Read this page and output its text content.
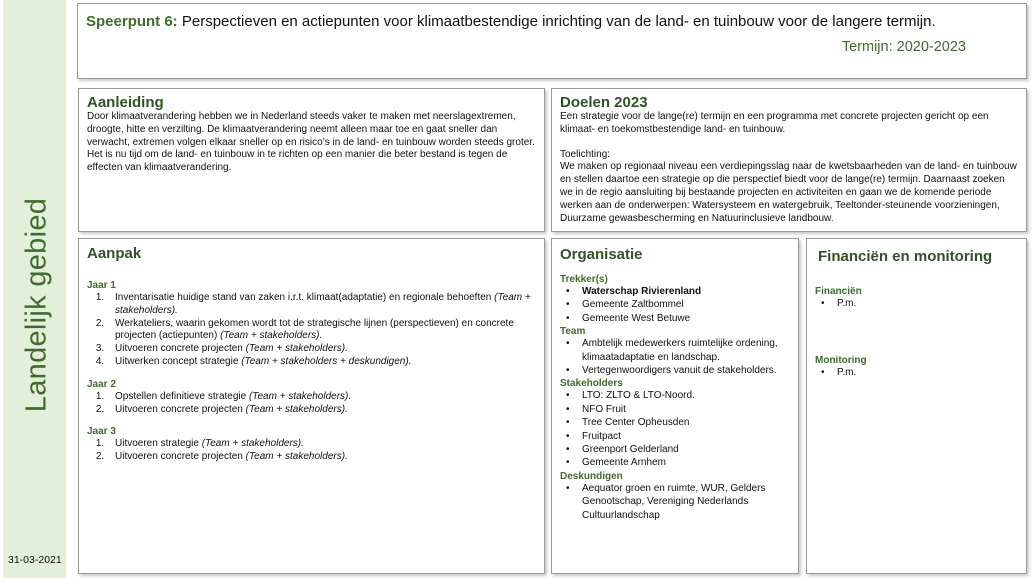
Landelijk gebied
31-03-2021
Speerpunt 6: Perspectieven en actiepunten voor klimaatbestendige inrichting van de land- en tuinbouw voor de langere termijn.
Termijn: 2020-2023
Aanleiding

Door klimaatverandering hebben we in Nederland steeds vaker te maken met neerslagextremen, droogte, hitte en verzilting. De klimaatverandering neemt alleen maar toe en gaat sneller dan verwacht, extremen volgen elkaar sneller op en risico’s in de land- en tuinbouw worden steeds groter. Het is nu tijd om de land- en tuinbouw in te richten op een manier die beter bestand is tegen de effecten van klimaatverandering.

Doelen 2023

Een strategie voor de lange(re) termijn en een programma met concrete projecten gericht op een klimaat- en toekomstbestendige land- en tuinbouw.

Toelichting:

We maken op regionaal niveau een verdiepingsslag naar de kwetsbaarheden van de land- en tuinbouw en stellen daartoe een strategie op die perspectief biedt voor de lange(re) termijn. Daarnaast zoeken we in de regio aansluiting bij bestaande projecten en activiteiten en gaan we de komende periode werken aan de onderwerpen: Watersysteem en watergebruik, Teeltonder-steunende voorzieningen, Duurzame gewasbescherming en Natuurinclusieve landbouw.

Aanpak
Jaar 1
1. Inventarisatie huidige stand van zaken i.r.t. klimaat(adaptatie) en regionale behoeften (Team + stakeholders).
2. Werkateliers, waarin gekomen wordt tot de strategische lijnen (perspectieven) en concrete projecten (actiepunten) (Team + stakeholders).
3. Uitvoeren concrete projecten (Team + stakeholders).
4. Uitwerken concept strategie (Team + stakeholders + deskundigen).
Jaar 2
1. Opstellen definitieve strategie (Team + stakeholders).
2. Uitvoeren concrete projecten (Team + stakeholders).
Jaar 3
1. Uitvoeren strategie (Team + stakeholders).
2. Uitvoeren concrete projecten (Team + stakeholders).
Organisatie
Trekker(s)
• Waterschap Rivierenland
• Gemeente Zaltbommel
• Gemeente West Betuwe
Team
• Ambtelijk medewerkers ruimtelijke ordening, klimaatadaptatie en landschap.
• Vertegenwoordigers vanuit de stakeholders.
Stakeholders
• LTO: ZLTO & LTO-Noord.
• NFO Fruit
• Tree Center Opheusden
• Fruitpact
• Greenport Gelderland
• Gemeente Arnhem
Deskundigen
• Aequator groen en ruimte, WUR, Gelders Genootschap, Vereniging Nederlands Cultuurlandschap
Financiën en monitoring
Financiën
• P.m.
Monitoring
• P.m.
